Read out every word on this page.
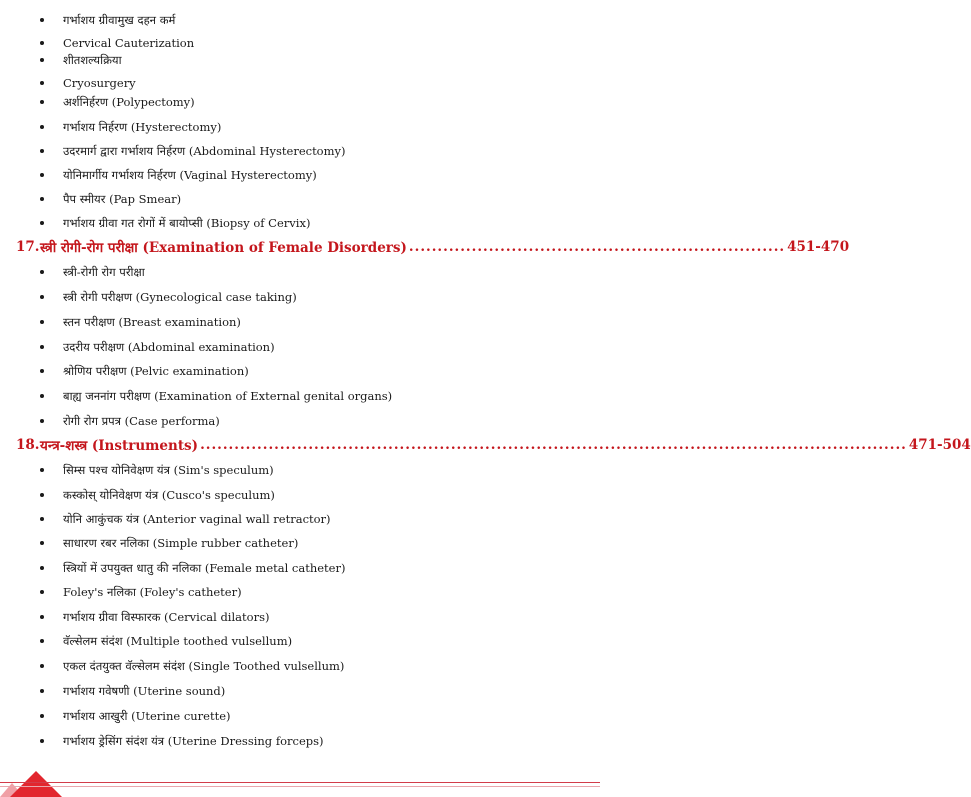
गर्भाशय ग्रीवामुख दहन कर्म
Cervical Cauterization
शीतशल्यक्रिया
Cryosurgery
अर्शनिर्हरण (Polypectomy)
गर्भाशय निर्हरण (Hysterectomy)
उदरमार्ग द्वारा गर्भाशय निर्हरण (Abdominal Hysterectomy)
योनिमार्गीय गर्भाशय निर्हरण (Vaginal Hysterectomy)
पैप स्मीयर (Pap Smear)
गर्भाशय ग्रीवा गत रोगों में बायोप्सी (Biopsy of Cervix)
17. स्त्री रोगी-रोग परीक्षा (Examination of Female Disorders) .................................................................. 451-470
स्त्री-रोगी रोग परीक्षा
स्त्री रोगी परीक्षण (Gynecological case taking)
स्तन परीक्षण (Breast examination)
उदरीय परीक्षण (Abdominal examination)
श्रोणिय परीक्षण (Pelvic examination)
बाह्य जननांग परीक्षण (Examination of External genital organs)
रोगी रोग प्रपत्र (Case performa)
18. यन्त्र-शस्त्र (Instruments) ............................................................................................................................ 471-504
सिम्स पश्च योनिवेक्षण यंत्र (Sim's speculum)
कस्कोस् योनिवेक्षण यंत्र (Cusco's speculum)
योनि आकुंचक यंत्र (Anterior vaginal wall retractor)
साधारण रबर नलिका (Simple rubber catheter)
स्त्रियों में उपयुक्त धातु की नलिका (Female metal catheter)
Foley's नलिका (Foley's catheter)
गर्भाशय ग्रीवा विस्फारक (Cervical dilators)
वॅल्सेलम संदंश (Multiple toothed vulsellum)
एकल दंतयुक्त वॅल्सेलम संदंश (Single Toothed vulsellum)
गर्भाशय गवेषणी (Uterine sound)
गर्भाशय आखुरी (Uterine curette)
गर्भाशय ड्रेसिंग संदंश यंत्र (Uterine Dressing forceps)
